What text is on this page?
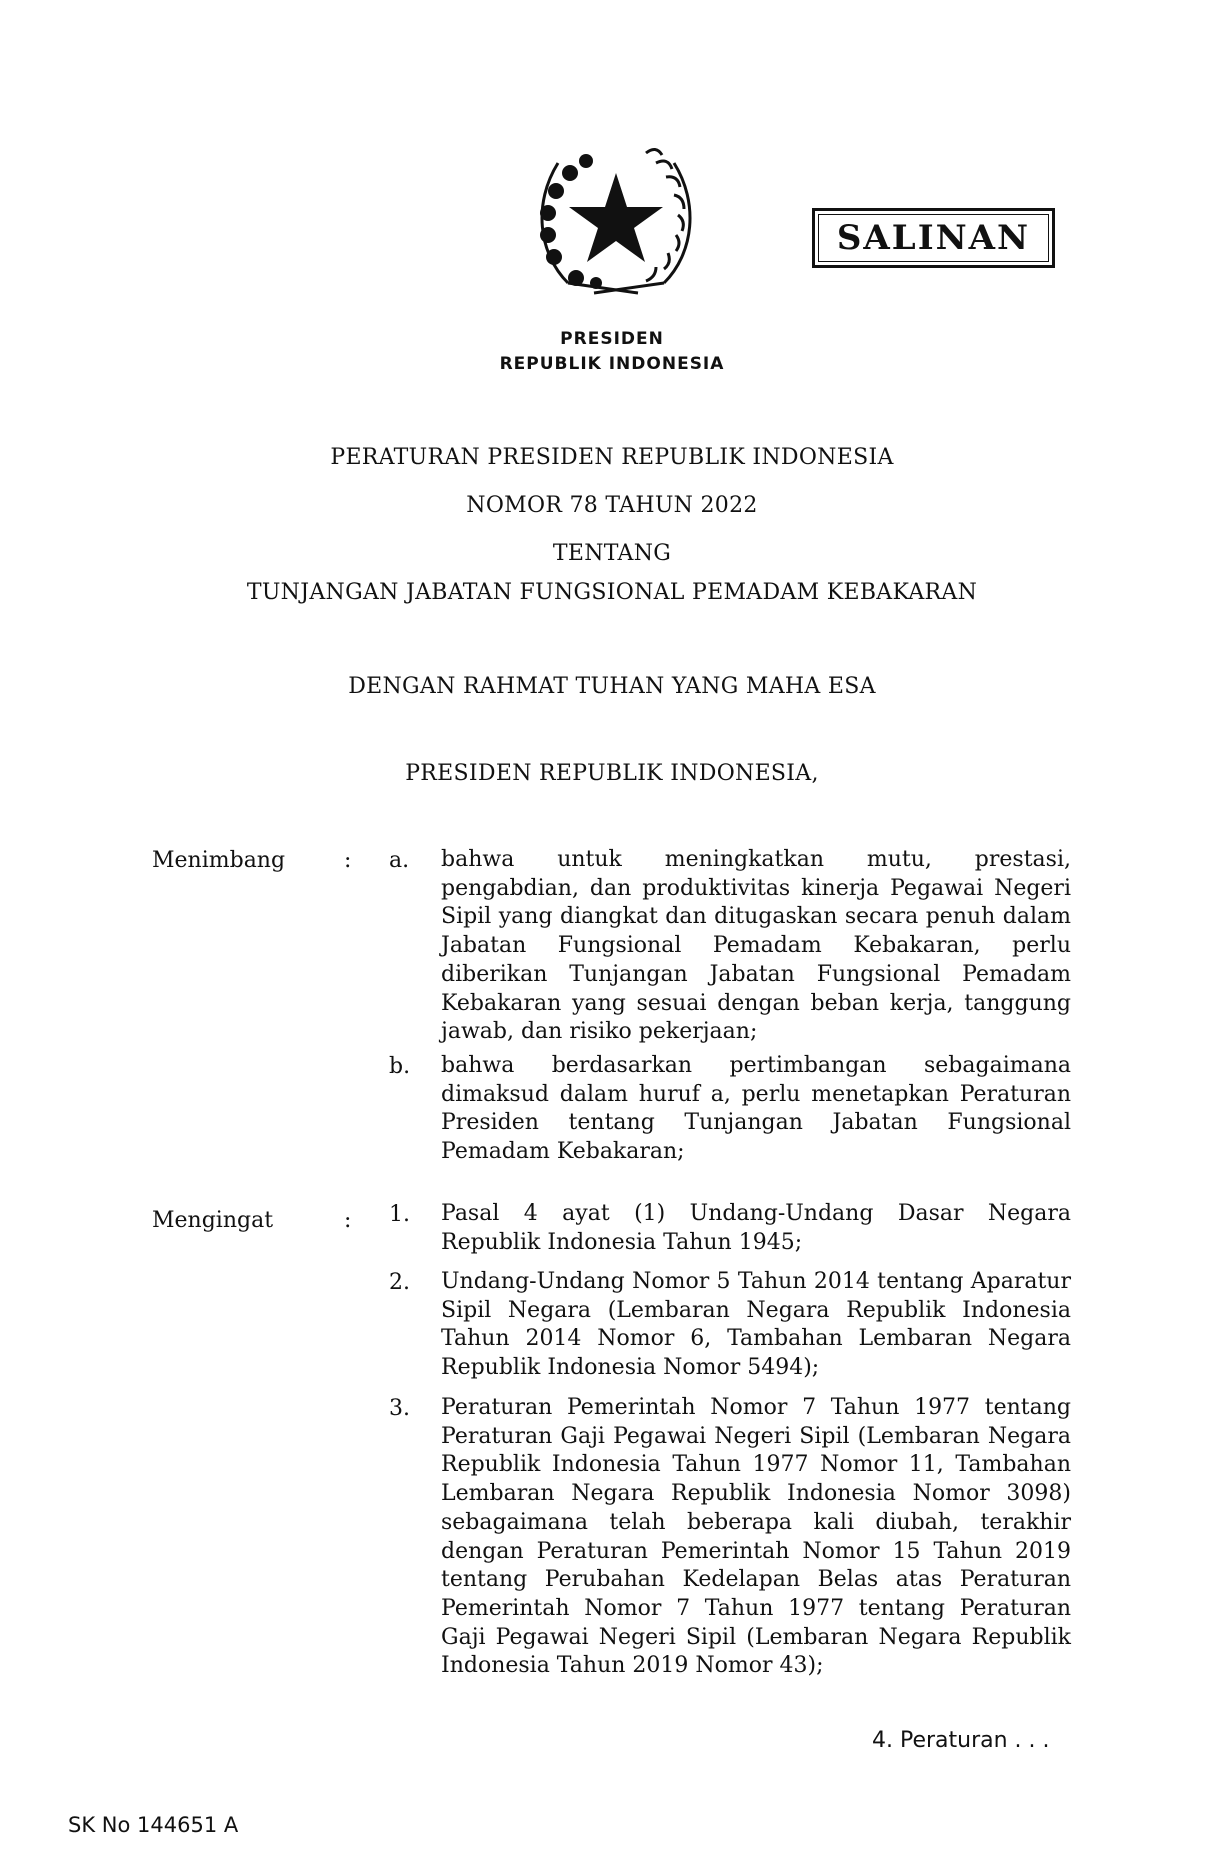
SALINAN
PRESIDEN
REPUBLIK INDONESIA
PERATURAN PRESIDEN REPUBLIK INDONESIA
NOMOR 78 TAHUN 2022
TENTANG
TUNJANGAN JABATAN FUNGSIONAL PEMADAM KEBAKARAN
DENGAN RAHMAT TUHAN YANG MAHA ESA
PRESIDEN REPUBLIK INDONESIA,
Menimbang	: a. bahwa untuk meningkatkan mutu, prestasi, pengabdian, dan produktivitas kinerja Pegawai Negeri Sipil yang diangkat dan ditugaskan secara penuh dalam Jabatan Fungsional Pemadam Kebakaran, perlu diberikan Tunjangan Jabatan Fungsional Pemadam Kebakaran yang sesuai dengan beban kerja, tanggung jawab, dan risiko pekerjaan;
b. bahwa berdasarkan pertimbangan sebagaimana dimaksud dalam huruf a, perlu menetapkan Peraturan Presiden tentang Tunjangan Jabatan Fungsional Pemadam Kebakaran;
Mengingat	: 1. Pasal 4 ayat (1) Undang-Undang Dasar Negara Republik Indonesia Tahun 1945;
2. Undang-Undang Nomor 5 Tahun 2014 tentang Aparatur Sipil Negara (Lembaran Negara Republik Indonesia Tahun 2014 Nomor 6, Tambahan Lembaran Negara Republik Indonesia Nomor 5494);
3. Peraturan Pemerintah Nomor 7 Tahun 1977 tentang Peraturan Gaji Pegawai Negeri Sipil (Lembaran Negara Republik Indonesia Tahun 1977 Nomor 11, Tambahan Lembaran Negara Republik Indonesia Nomor 3098) sebagaimana telah beberapa kali diubah, terakhir dengan Peraturan Pemerintah Nomor 15 Tahun 2019 tentang Perubahan Kedelapan Belas atas Peraturan Pemerintah Nomor 7 Tahun 1977 tentang Peraturan Gaji Pegawai Negeri Sipil (Lembaran Negara Republik Indonesia Tahun 2019 Nomor 43);
4. Peraturan . . .
SK No 144651 A
